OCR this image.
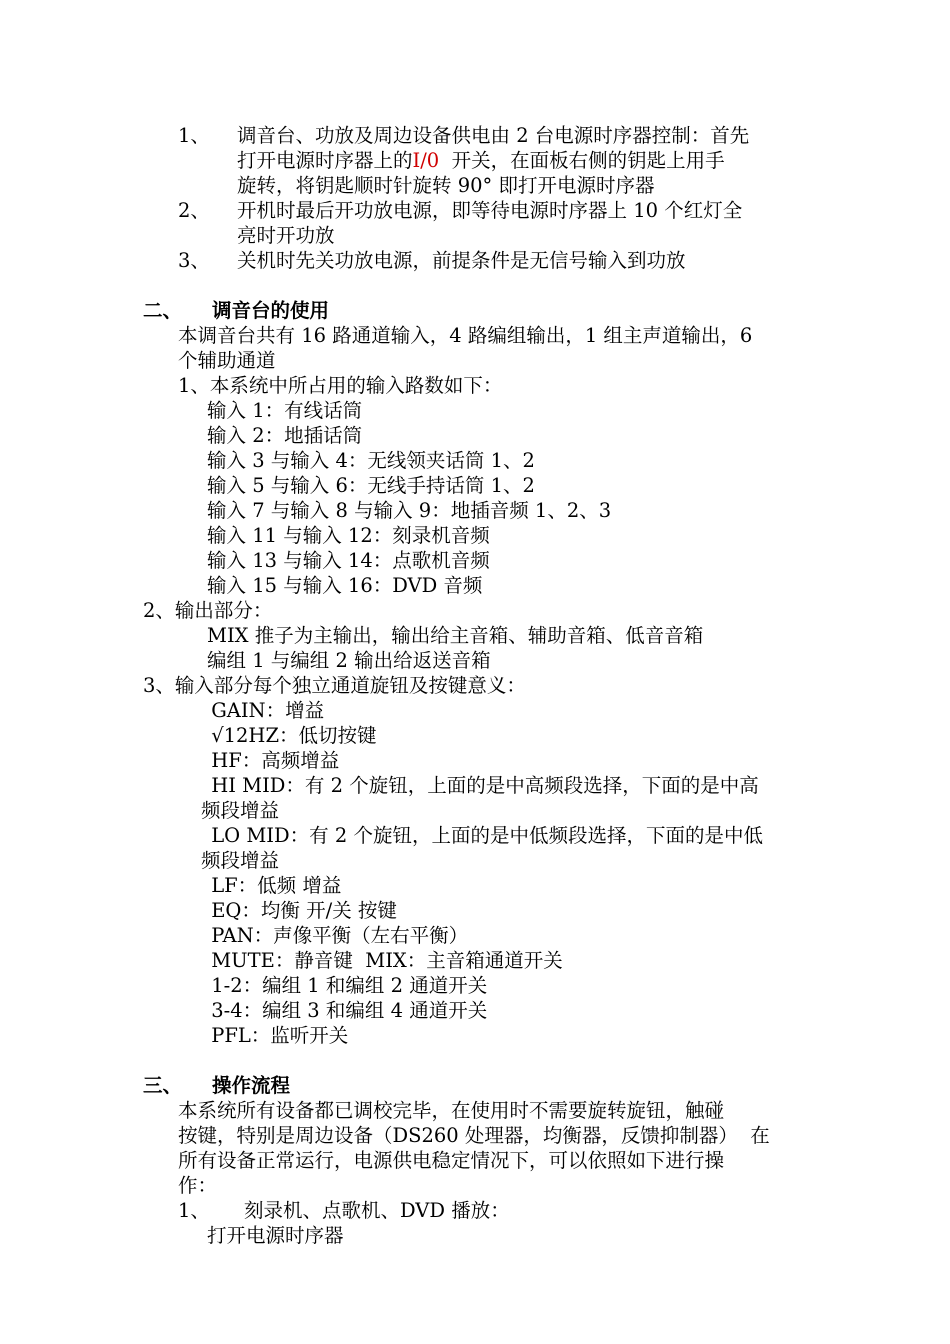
1、 调音台、功放及周边设备供电由 2 台电源时序器控制：首先
打开电源时序器上的I/0  开关，在面板右侧的钥匙上用手
旋转，将钥匙顺时针旋转 90° 即打开电源时序器
2、 开机时最后开功放电源，即等待电源时序器上 10 个红灯全
亮时开功放
3、 关机时先关功放电源，前提条件是无信号输入到功放
二、 调音台的使用
本调音台共有 16 路通道输入，4 路编组输出，1 组主声道输出，6
个辅助通道
1、本系统中所占用的输入路数如下：
输入 1：有线话筒
输入 2：地插话筒
输入 3 与输入 4：无线领夹话筒 1、2
输入 5 与输入 6：无线手持话筒 1、2
输入 7 与输入 8 与输入 9：地插音频 1、2、3
输入 11 与输入 12：刻录机音频
输入 13 与输入 14：点歌机音频
输入 15 与输入 16：DVD 音频
2、输出部分：
MIX 推子为主输出，输出给主音箱、辅助音箱、低音音箱
编组 1 与编组 2 输出给返送音箱
3、输入部分每个独立通道旋钮及按键意义：
GAIN：增益
√12HZ：低切按键
HF：高频增益
HI MID：有 2 个旋钮，上面的是中高频段选择，下面的是中高
频段增益
LO MID：有 2 个旋钮，上面的是中低频段选择，下面的是中低
频段增益
LF：低频 增益
EQ：均衡 开/关 按键
PAN：声像平衡（左右平衡）
MUTE：静音键  MIX：主音箱通道开关
1-2：编组 1 和编组 2 通道开关
3-4：编组 3 和编组 4 通道开关
PFL：监听开关
三、 操作流程
本系统所有设备都已调校完毕，在使用时不需要旋转旋钮，触碰
按键，特别是周边设备（DS260 处理器，均衡器，反馈抑制器）  在
所有设备正常运行，电源供电稳定情况下，可以依照如下进行操
作：
1、 刻录机、点歌机、DVD 播放：
打开电源时序器
